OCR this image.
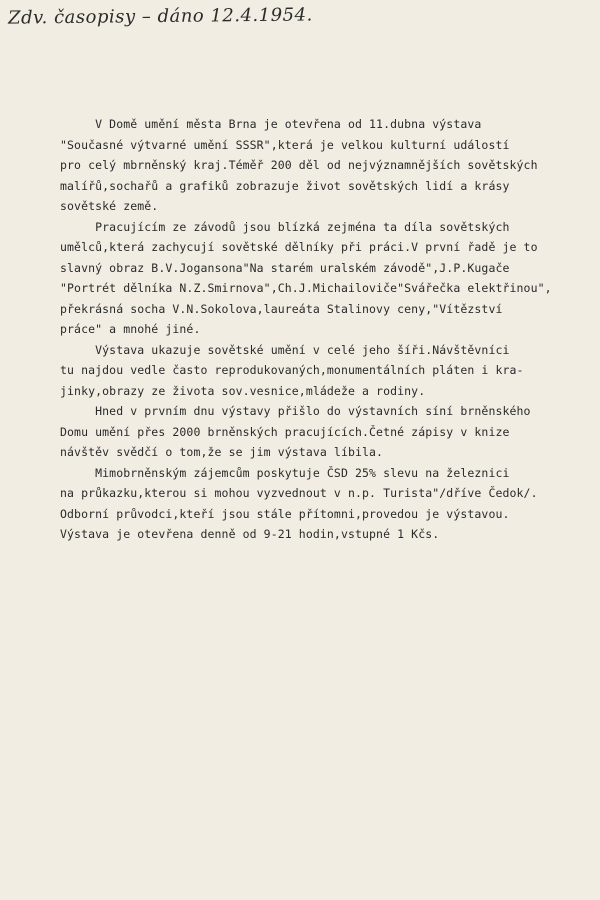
Zdv. časopisy – dáno 12.4.1954.
V Domě umění města Brna je otevřena od 11.dubna výstava
"Současné výtvarné umění SSSR",která je velkou kulturní událostí
pro celý mbrněnský kraj.Téměř 200 děl od nejvýznamnějších sovětských
malířů,sochařů a grafiků zobrazuje život sovětských lidí a krásy
sovětské země.
Pracujícím ze závodů jsou blízká zejména ta díla sovětských
umělců,která zachycují sovětské dělníky při práci.V první řadě je to
slavný obraz B.V.Jogansona"Na starém uralském závodě",J.P.Kugače
"Portrét dělníka N.Z.Smirnova",Ch.J.Michailoviče"Svářečka elektřinou",
překrásná socha V.N.Sokolova,laureáta Stalinovy ceny,"Vítězství
práce" a mnohé jiné.
Výstava ukazuje sovětské umění v celé jeho šíři.Návštěvníci
tu najdou vedle často reprodukovaných,monumentálních pláten i kra-
jinky,obrazy ze života sov.vesnice,mládeže a rodiny.
Hned v prvním dnu výstavy přišlo do výstavních síní brněnského
Domu umění přes 2000 brněnských pracujících.Četné zápisy v knize
návštěv svědčí o tom,že se jim výstava líbila.
Mimobrněnským zájemcům poskytuje ČSD 25% slevu na železnici
na průkazku,kterou si mohou vyzvednout v n.p. Turista"/dříve Čedok/.
Odborní průvodci,kteří jsou stále přítomni,provedou je výstavou.
Výstava je otevřena denně od 9-21 hodin,vstupné 1 Kčs.
